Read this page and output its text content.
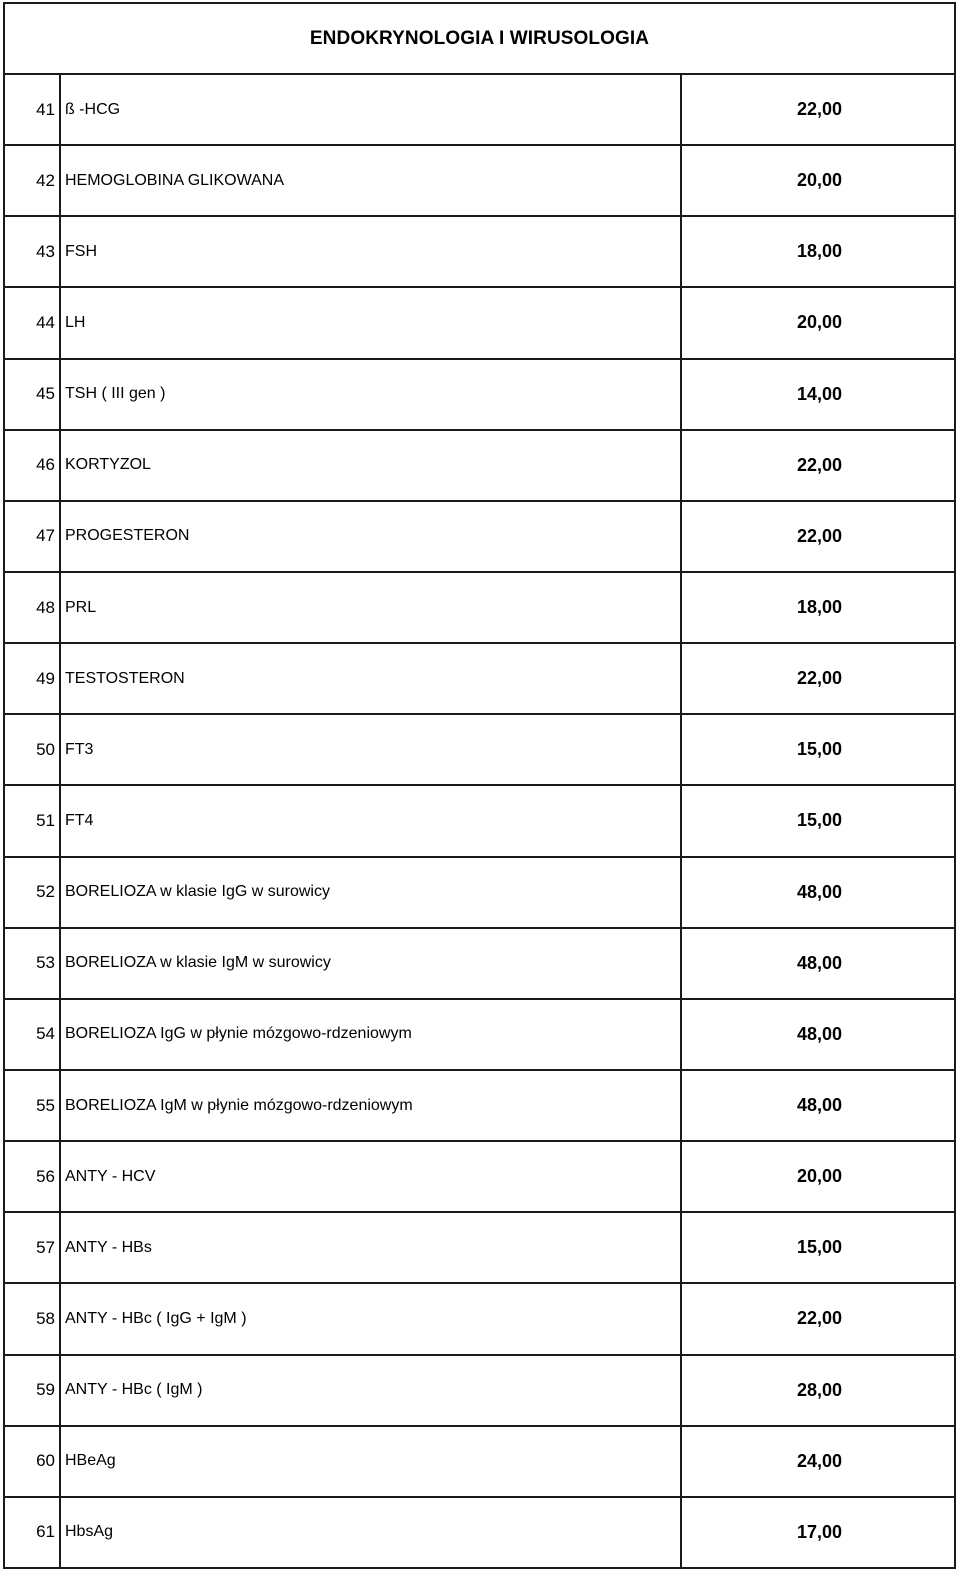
ENDOKRYNOLOGIA I WIRUSOLOGIA
41 ß -HCG	22,00
42 HEMOGLOBINA GLIKOWANA	20,00
43 FSH	18,00
44 LH	20,00
45 TSH ( III gen )	14,00
46 KORTYZOL	22,00
47 PROGESTERON	22,00
48 PRL	18,00
49 TESTOSTERON	22,00
50 FT3	15,00
51 FT4	15,00
52 BORELIOZA w klasie IgG w surowicy	48,00
53 BORELIOZA w klasie IgM w surowicy	48,00
54 BORELIOZA IgG w płynie mózgowo-rdzeniowym	48,00
55 BORELIOZA IgM w płynie mózgowo-rdzeniowym	48,00
56 ANTY - HCV	20,00
57 ANTY - HBs	15,00
58 ANTY - HBc ( IgG + IgM )	22,00
59 ANTY - HBc ( IgM )	28,00
60 HBeAg	24,00
61 HbsAg	17,00
